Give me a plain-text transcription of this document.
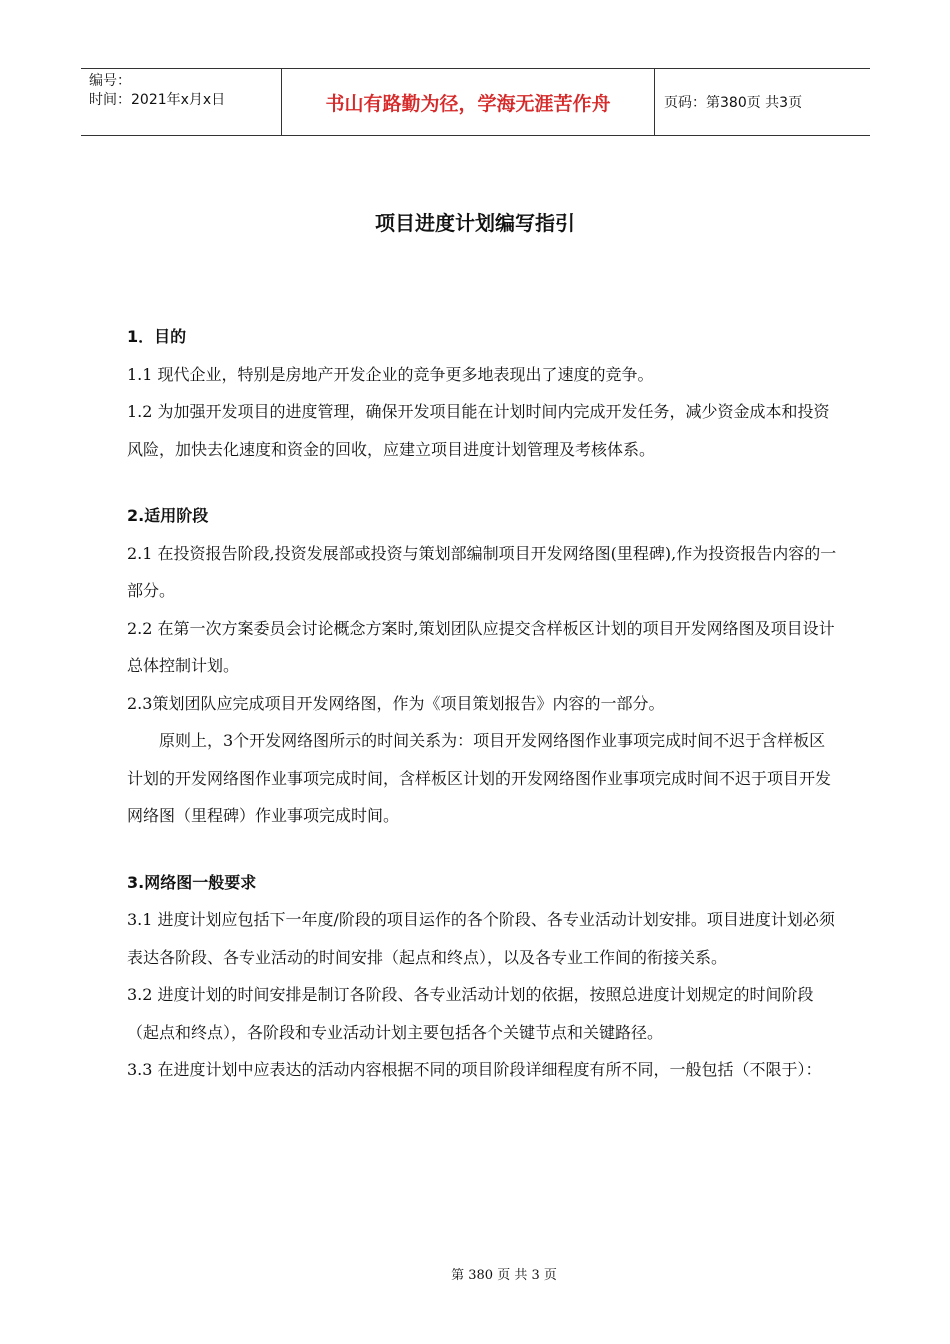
编号：
时间：2021年x月x日	书山有路勤为径，学海无涯苦作舟	页码：第380页 共3页
项目进度计划编写指引
1．目的

1.1 现代企业，特别是房地产开发企业的竞争更多地表现出了速度的竞争。

1.2 为加强开发项目的进度管理，确保开发项目能在计划时间内完成开发任务，减少资金成本和投资风险，加快去化速度和资金的回收，应建立项目进度计划管理及考核体系。

2.适用阶段

2.1 在投资报告阶段,投资发展部或投资与策划部编制项目开发网络图(里程碑),作为投资报告内容的一部分。

2.2 在第一次方案委员会讨论概念方案时,策划团队应提交含样板区计划的项目开发网络图及项目设计总体控制计划。

2.3策划团队应完成项目开发网络图，作为《项目策划报告》内容的一部分。

原则上，3个开发网络图所示的时间关系为：项目开发网络图作业事项完成时间不迟于含样板区计划的开发网络图作业事项完成时间，含样板区计划的开发网络图作业事项完成时间不迟于项目开发网络图（里程碑）作业事项完成时间。

3.网络图一般要求

3.1 进度计划应包括下一年度/阶段的项目运作的各个阶段、各专业活动计划安排。项目进度计划必须表达各阶段、各专业活动的时间安排（起点和终点），以及各专业工作间的衔接关系。

3.2 进度计划的时间安排是制订各阶段、各专业活动计划的依据，按照总进度计划规定的时间阶段（起点和终点），各阶段和专业活动计划主要包括各个关键节点和关键路径。

3.3 在进度计划中应表达的活动内容根据不同的项目阶段详细程度有所不同，一般包括（不限于）：

第 380 页 共 3 页
